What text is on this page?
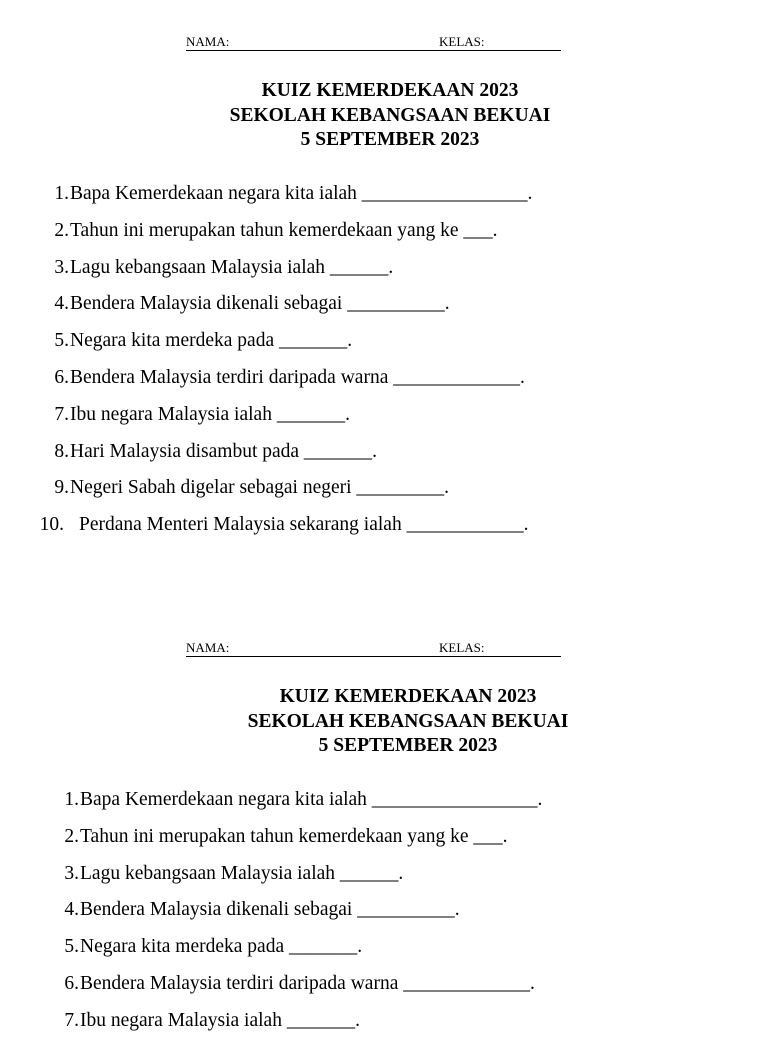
NAMA:	KELAS:
KUIZ KEMERDEKAAN 2023
SEKOLAH KEBANGSAAN BEKUAI
5 SEPTEMBER 2023
1. Bapa Kemerdekaan negara kita ialah _________________.
2. Tahun ini merupakan tahun kemerdekaan yang ke ___.
3. Lagu kebangsaan Malaysia ialah ______.
4. Bendera Malaysia dikenali sebagai __________.
5. Negara kita merdeka pada _______.
6. Bendera Malaysia terdiri daripada warna _____________.
7. Ibu negara Malaysia ialah _______.
8. Hari Malaysia disambut pada _______.
9. Negeri Sabah digelar sebagai negeri _________.
10. Perdana Menteri Malaysia sekarang ialah ____________.
NAMA:	KELAS:
KUIZ KEMERDEKAAN 2023
SEKOLAH KEBANGSAAN BEKUAI
5 SEPTEMBER 2023
1. Bapa Kemerdekaan negara kita ialah _________________.
2. Tahun ini merupakan tahun kemerdekaan yang ke ___.
3. Lagu kebangsaan Malaysia ialah ______.
4. Bendera Malaysia dikenali sebagai __________.
5. Negara kita merdeka pada _______.
6. Bendera Malaysia terdiri daripada warna _____________.
7. Ibu negara Malaysia ialah _______.
